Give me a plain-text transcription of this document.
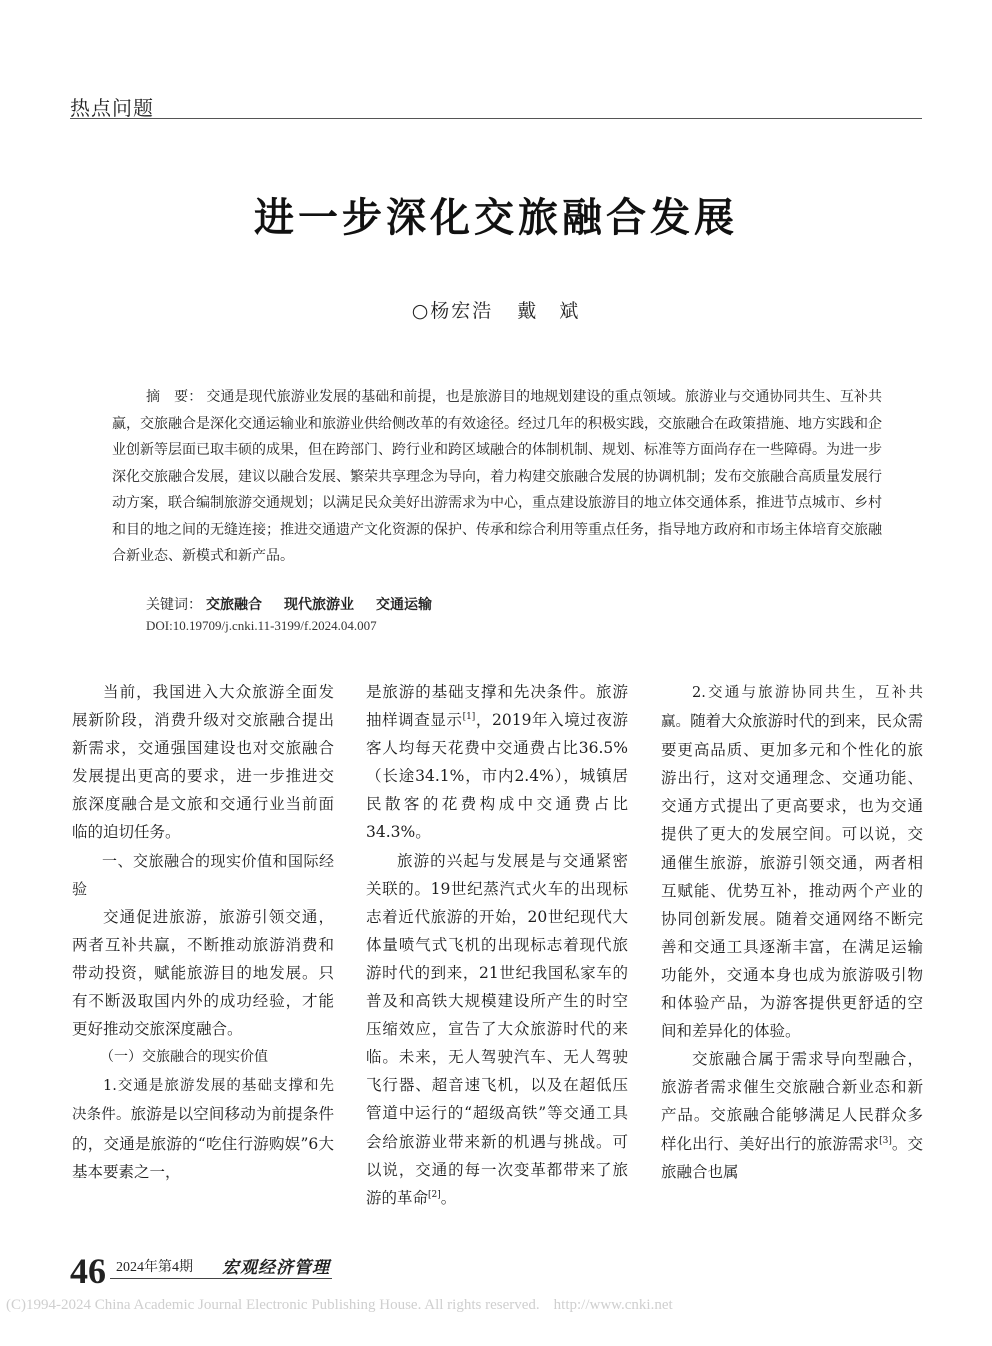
热点问题
进一步深化交旅融合发展
○杨宏浩 戴　斌
摘　要： 交通是现代旅游业发展的基础和前提，也是旅游目的地规划建设的重点领域。旅游业与交通协同共生、互补共赢，交旅融合是深化交通运输业和旅游业供给侧改革的有效途径。经过几年的积极实践，交旅融合在政策措施、地方实践和企业创新等层面已取丰硕的成果，但在跨部门、跨行业和跨区域融合的体制机制、规划、标准等方面尚存在一些障碍。为进一步深化交旅融合发展，建议以融合发展、繁荣共享理念为导向，着力构建交旅融合发展的协调机制；发布交旅融合高质量发展行动方案，联合编制旅游交通规划；以满足民众美好出游需求为中心，重点建设旅游目的地立体交通体系，推进节点城市、乡村和目的地之间的无缝连接；推进交通遗产文化资源的保护、传承和综合利用等重点任务，指导地方政府和市场主体培育交旅融合新业态、新模式和新产品。
关键词： 交旅融合 现代旅游业 交通运输
DOI:10.19709/j.cnki.11-3199/f.2024.04.007

当前，我国进入大众旅游全面发展新阶段，消费升级对交旅融合提出新需求，交通强国建设也对交旅融合发展提出更高的要求，进一步推进交旅深度融合是文旅和交通行业当前面临的迫切任务。

一、交旅融合的现实价值和国际经验

交通促进旅游，旅游引领交通，两者互补共赢，不断推动旅游消费和带动投资，赋能旅游目的地发展。只有不断汲取国内外的成功经验，才能更好推动交旅深度融合。

（一）交旅融合的现实价值

1.交通是旅游发展的基础支撑和先决条件。旅游是以空间移动为前提条件的，交通是旅游的“吃住行游购娱”6大基本要素之一，

是旅游的基础支撑和先决条件。旅游抽样调查显示[1]，2019年入境过夜游客人均每天花费中交通费占比36.5%（长途34.1%，市内2.4%），城镇居民散客的花费构成中交通费占比34.3%。

旅游的兴起与发展是与交通紧密关联的。19世纪蒸汽式火车的出现标志着近代旅游的开始，20世纪现代大体量喷气式飞机的出现标志着现代旅游时代的到来，21世纪我国私家车的普及和高铁大规模建设所产生的时空压缩效应，宣告了大众旅游时代的来临。未来，无人驾驶汽车、无人驾驶飞行器、超音速飞机，以及在超低压管道中运行的“超级高铁”等交通工具会给旅游业带来新的机遇与挑战。可以说，交通的每一次变革都带来了旅游的革命[2]。

2.交通与旅游协同共生，互补共赢。随着大众旅游时代的到来，民众需要更高品质、更加多元和个性化的旅游出行，这对交通理念、交通功能、交通方式提出了更高要求，也为交通提供了更大的发展空间。可以说，交通催生旅游，旅游引领交通，两者相互赋能、优势互补，推动两个产业的协同创新发展。随着交通网络不断完善和交通工具逐渐丰富，在满足运输功能外，交通本身也成为旅游吸引物和体验产品，为游客提供更舒适的空间和差异化的体验。

交旅融合属于需求导向型融合，旅游者需求催生交旅融合新业态和新产品。交旅融合能够满足人民群众多样化出行、美好出行的旅游需求[3]。交旅融合也属

46 2024年第4期 宏观经济管理
(C)1994-2024 China Academic Journal Electronic Publishing House. All rights reserved. http://www.cnki.net
